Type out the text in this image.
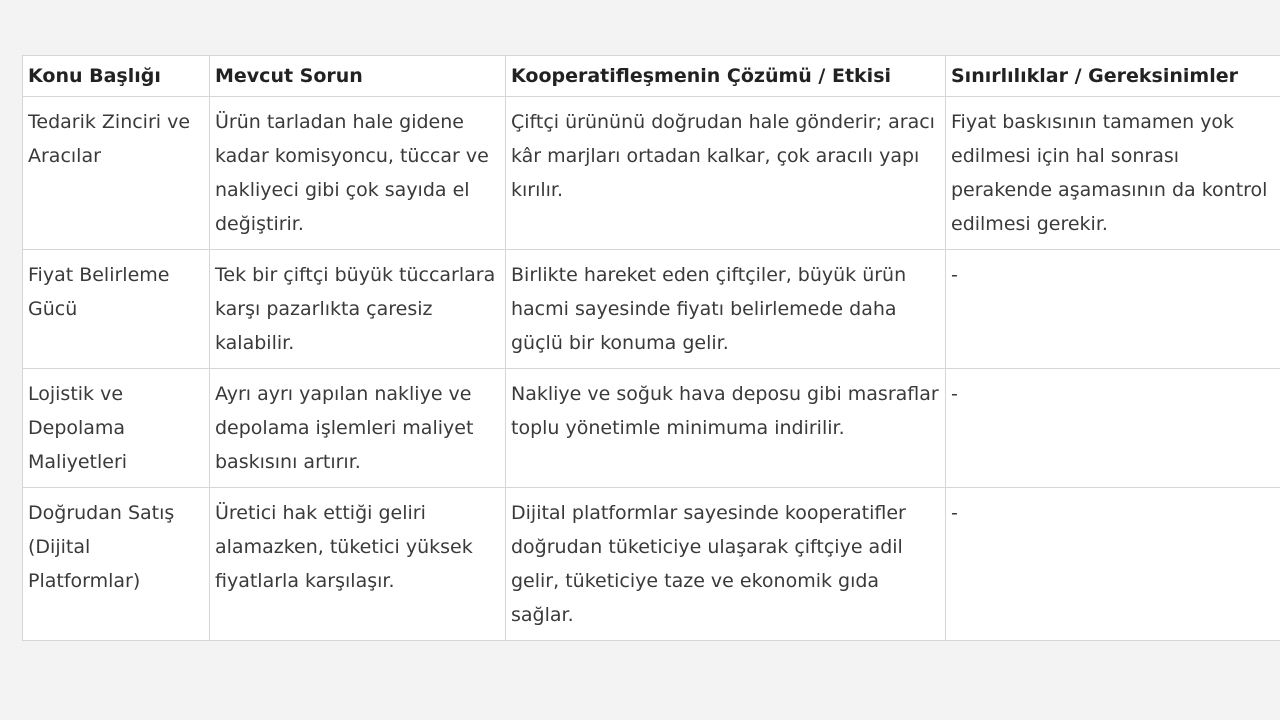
Konu Başlığı	Mevcut Sorun	Kooperatifleşmenin Çözümü / Etkisi	Sınırlılıklar / Gereksinimler
Tedarik Zinciri ve Aracılar	Ürün tarladan hale gidene kadar komisyoncu, tüccar ve nakliyeci gibi çok sayıda el değiştirir.	Çiftçi ürününü doğrudan hale gönderir; aracı kâr marjları ortadan kalkar, çok aracılı yapı kırılır.	Fiyat baskısının tamamen yok edilmesi için hal sonrası perakende aşamasının da kontrol edilmesi gerekir.
Fiyat Belirleme Gücü	Tek bir çiftçi büyük tüccarlara karşı pazarlıkta çaresiz kalabilir.	Birlikte hareket eden çiftçiler, büyük ürün hacmi sayesinde fiyatı belirlemede daha güçlü bir konuma gelir.	-
Lojistik ve Depolama Maliyetleri	Ayrı ayrı yapılan nakliye ve depolama işlemleri maliyet baskısını artırır.	Nakliye ve soğuk hava deposu gibi masraflar toplu yönetimle minimuma indirilir.	-
Doğrudan Satış (Dijital Platformlar)	Üretici hak ettiği geliri alamazken, tüketici yüksek fiyatlarla karşılaşır.	Dijital platformlar sayesinde kooperatifler doğrudan tüketiciye ulaşarak çiftçiye adil gelir, tüketiciye taze ve ekonomik gıda sağlar.	-
